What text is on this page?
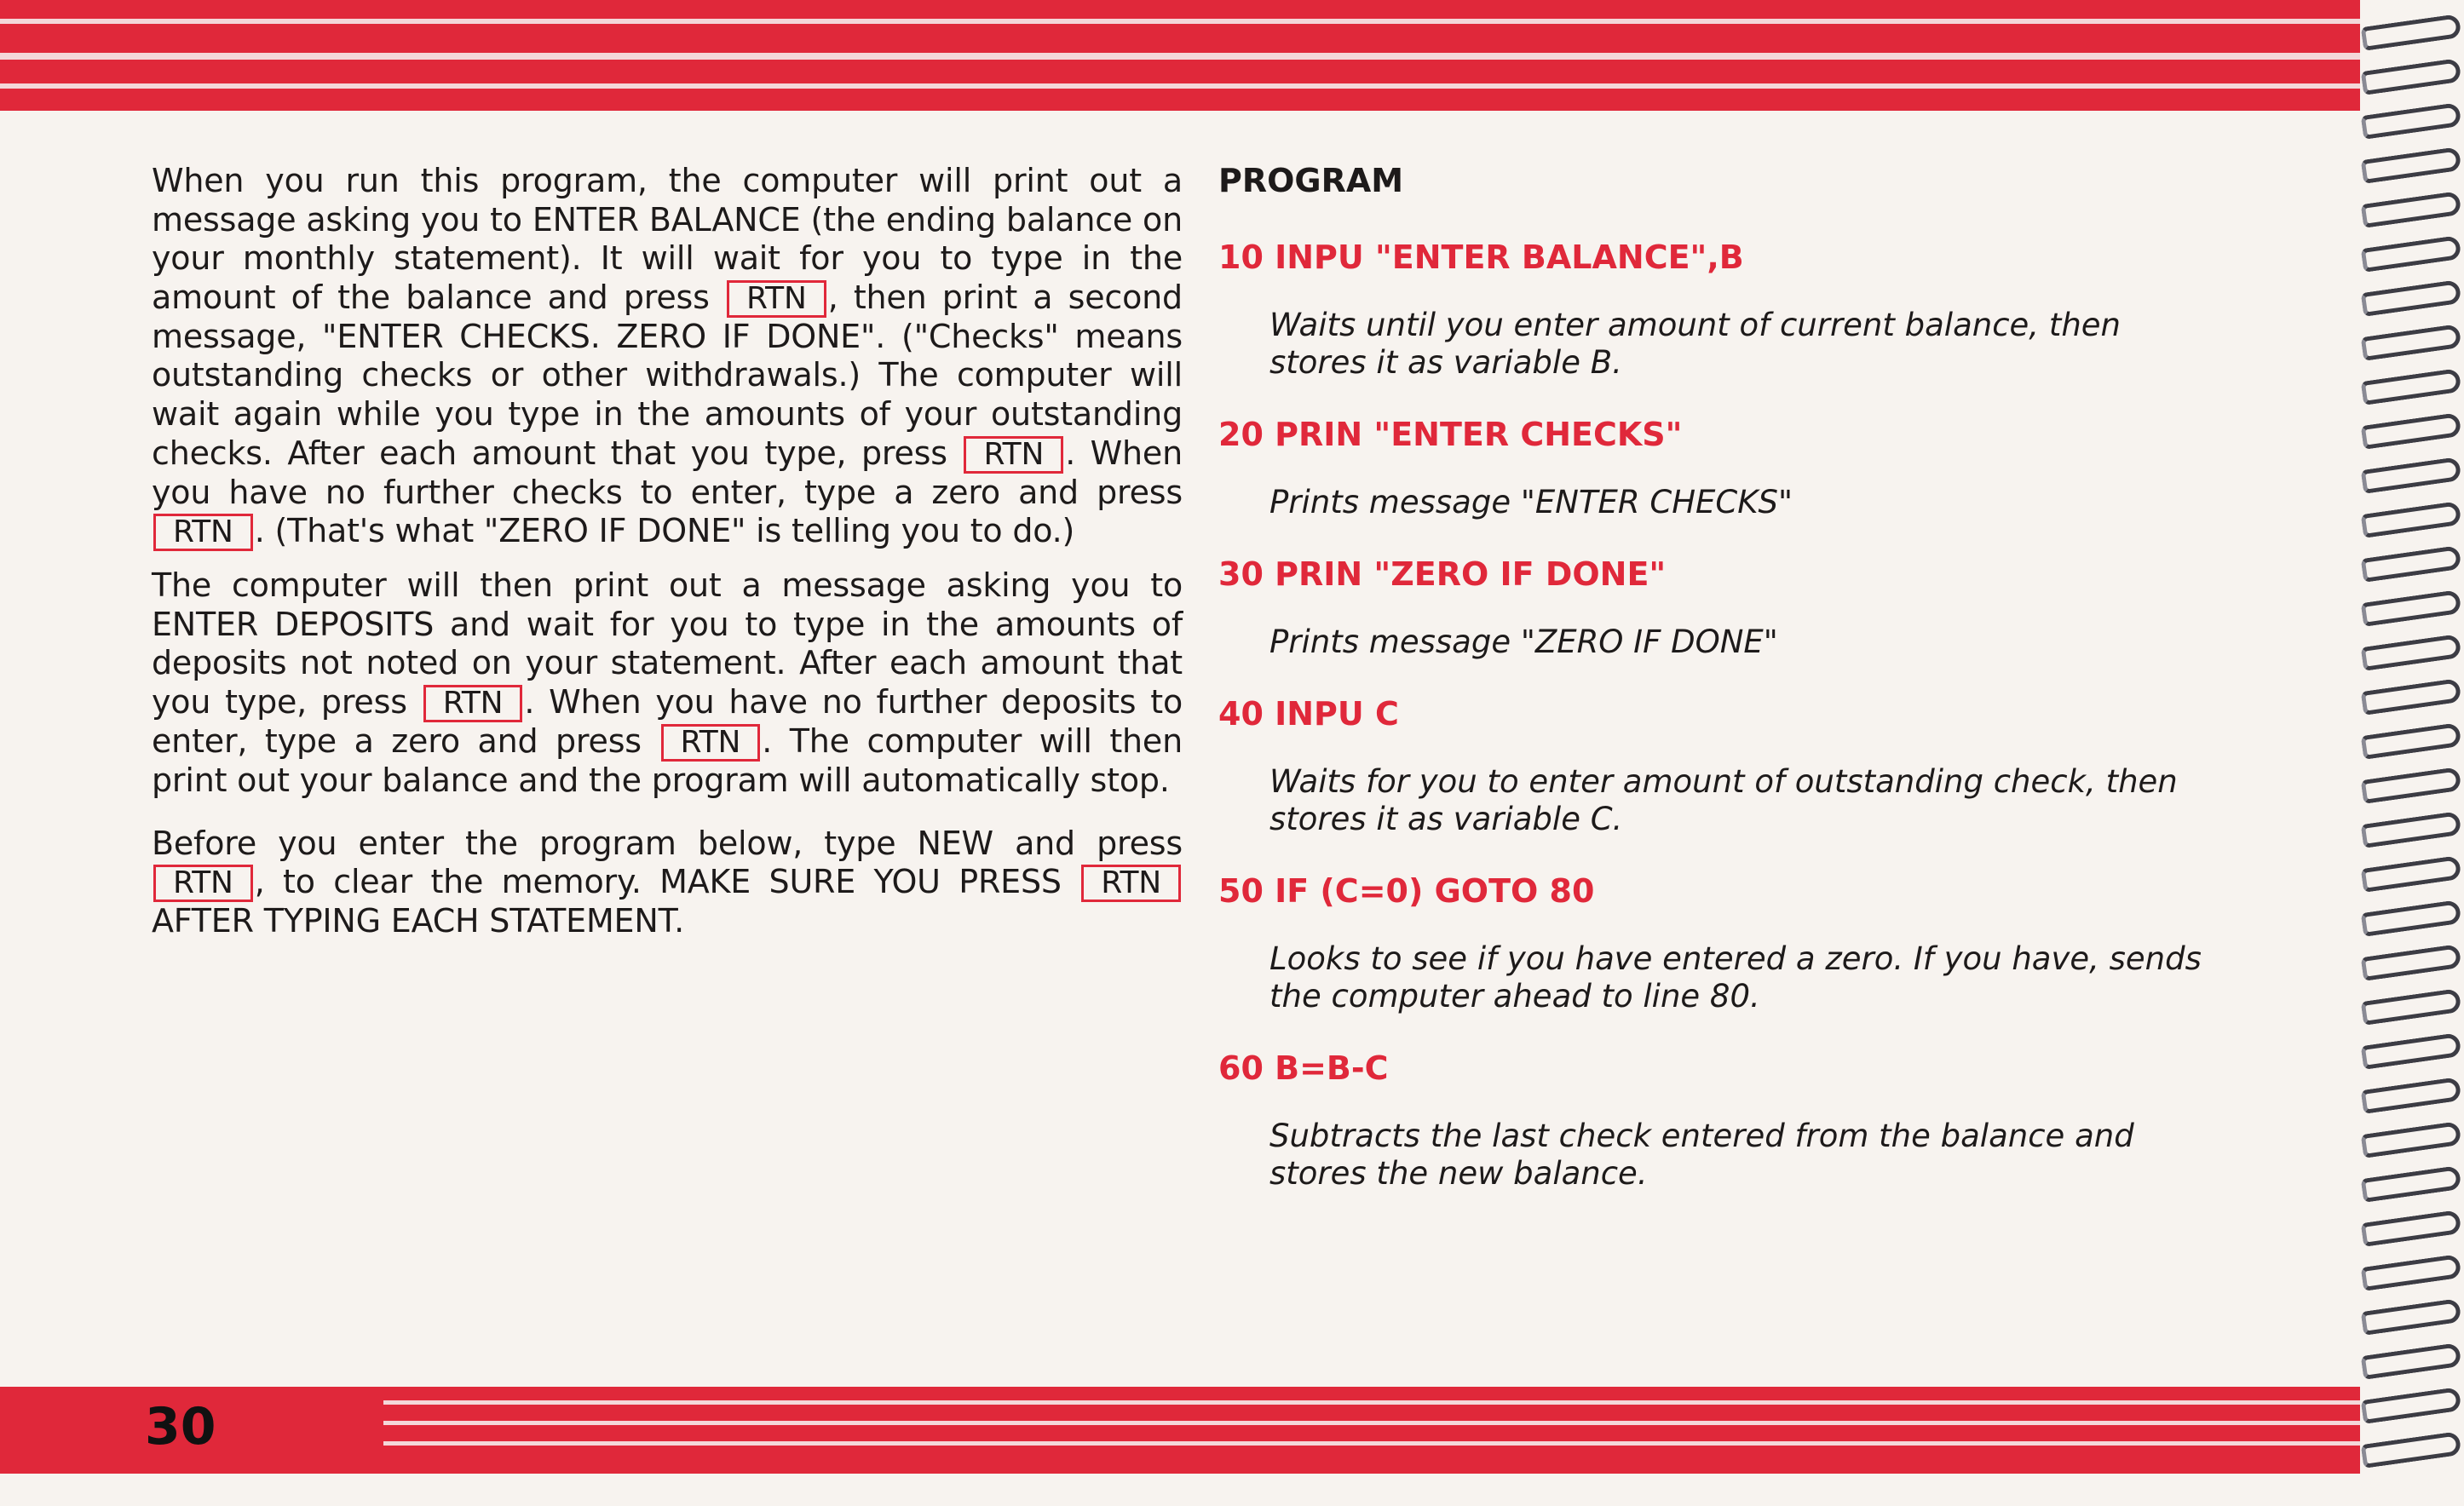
When you run this program, the computer will print out a message asking you to ENTER BALANCE (the ending balance on your monthly statement). It will wait for you to type in the amount of the balance and press RTN , then print a second message, "ENTER CHECKS. ZERO IF DONE". ("Checks" means outstanding checks or other withdrawals.) The computer will wait again while you type in the amounts of your outstanding checks. After each amount that you type, press RTN . When you have no further checks to enter, type a zero and press RTN . (That's what "ZERO IF DONE" is telling you to do.)

The computer will then print out a message asking you to ENTER DEPOSITS and wait for you to type in the amounts of deposits not noted on your statement. After each amount that you type, press RTN . When you have no further deposits to enter, type a zero and press RTN . The computer will then print out your balance and the program will automatically stop.

Before you enter the program below, type NEW and press RTN , to clear the memory. MAKE SURE YOU PRESS RTN AFTER TYPING EACH STATEMENT.

PROGRAM
10 INPU "ENTER BALANCE",B
Waits until you enter amount of current balance, then stores it as variable B.
20 PRIN "ENTER CHECKS"
Prints message "ENTER CHECKS"
30 PRIN "ZERO IF DONE"
Prints message "ZERO IF DONE"
40 INPU C
Waits for you to enter amount of outstanding check, then stores it as variable C.
50 IF (C=0) GOTO 80
Looks to see if you have entered a zero. If you have, sends the computer ahead to line 80.
60 B=B-C
Subtracts the last check entered from the balance and stores the new balance.
30
